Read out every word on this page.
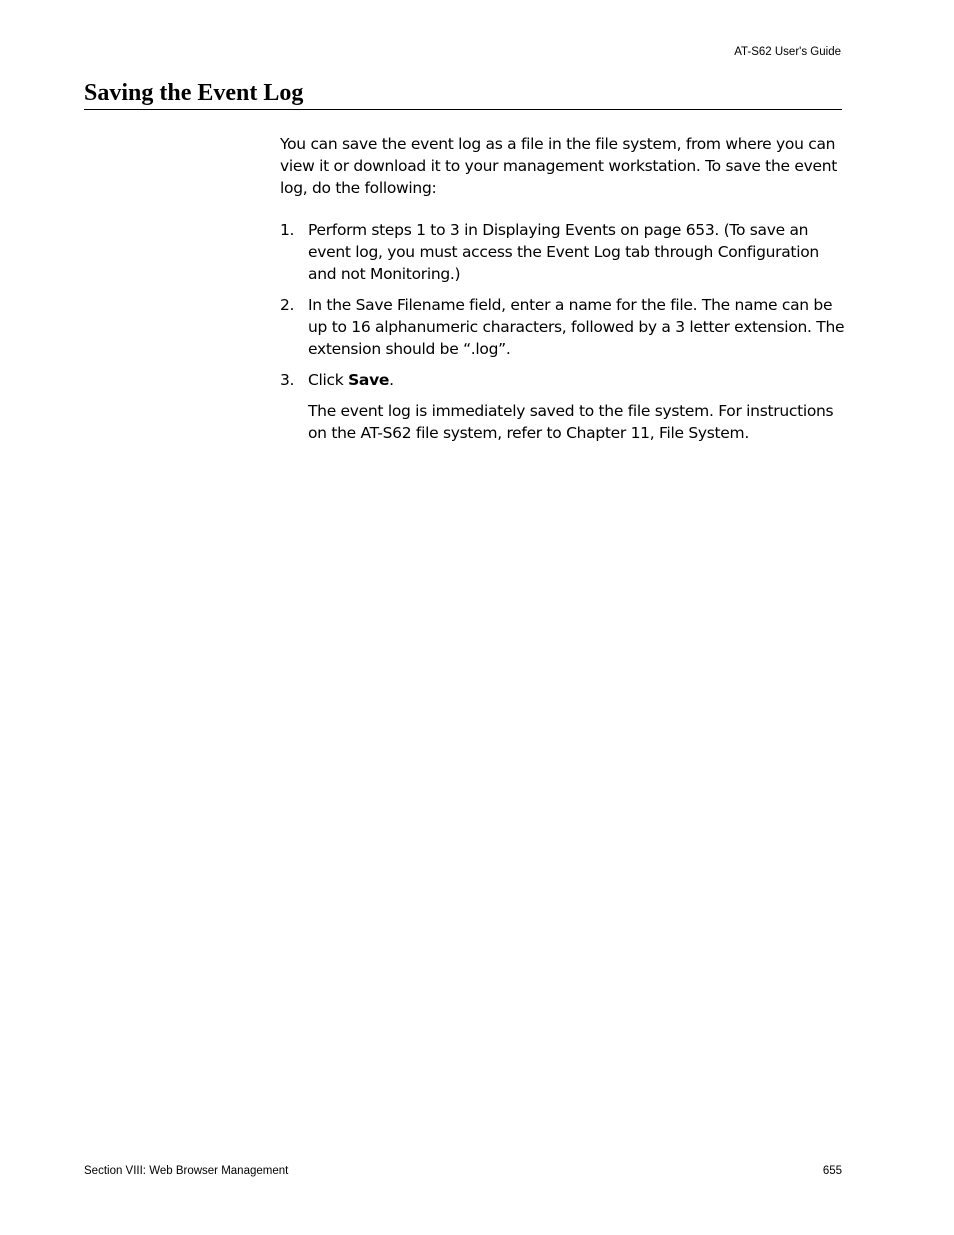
AT-S62 User's Guide
Saving the Event Log

You can save the event log as a file in the file system, from where you can view it or download it to your management workstation. To save the event log, do the following:

1. Perform steps 1 to 3 in Displaying Events on page 653. (To save an event log, you must access the Event Log tab through Configuration and not Monitoring.)
2. In the Save Filename field, enter a name for the file. The name can be up to 16 alphanumeric characters, followed by a 3 letter extension. The extension should be “.log”.
3. Click Save.

The event log is immediately saved to the file system. For instructions on the AT-S62 file system, refer to Chapter 11, File System.

Section VIII: Web Browser Management	655
